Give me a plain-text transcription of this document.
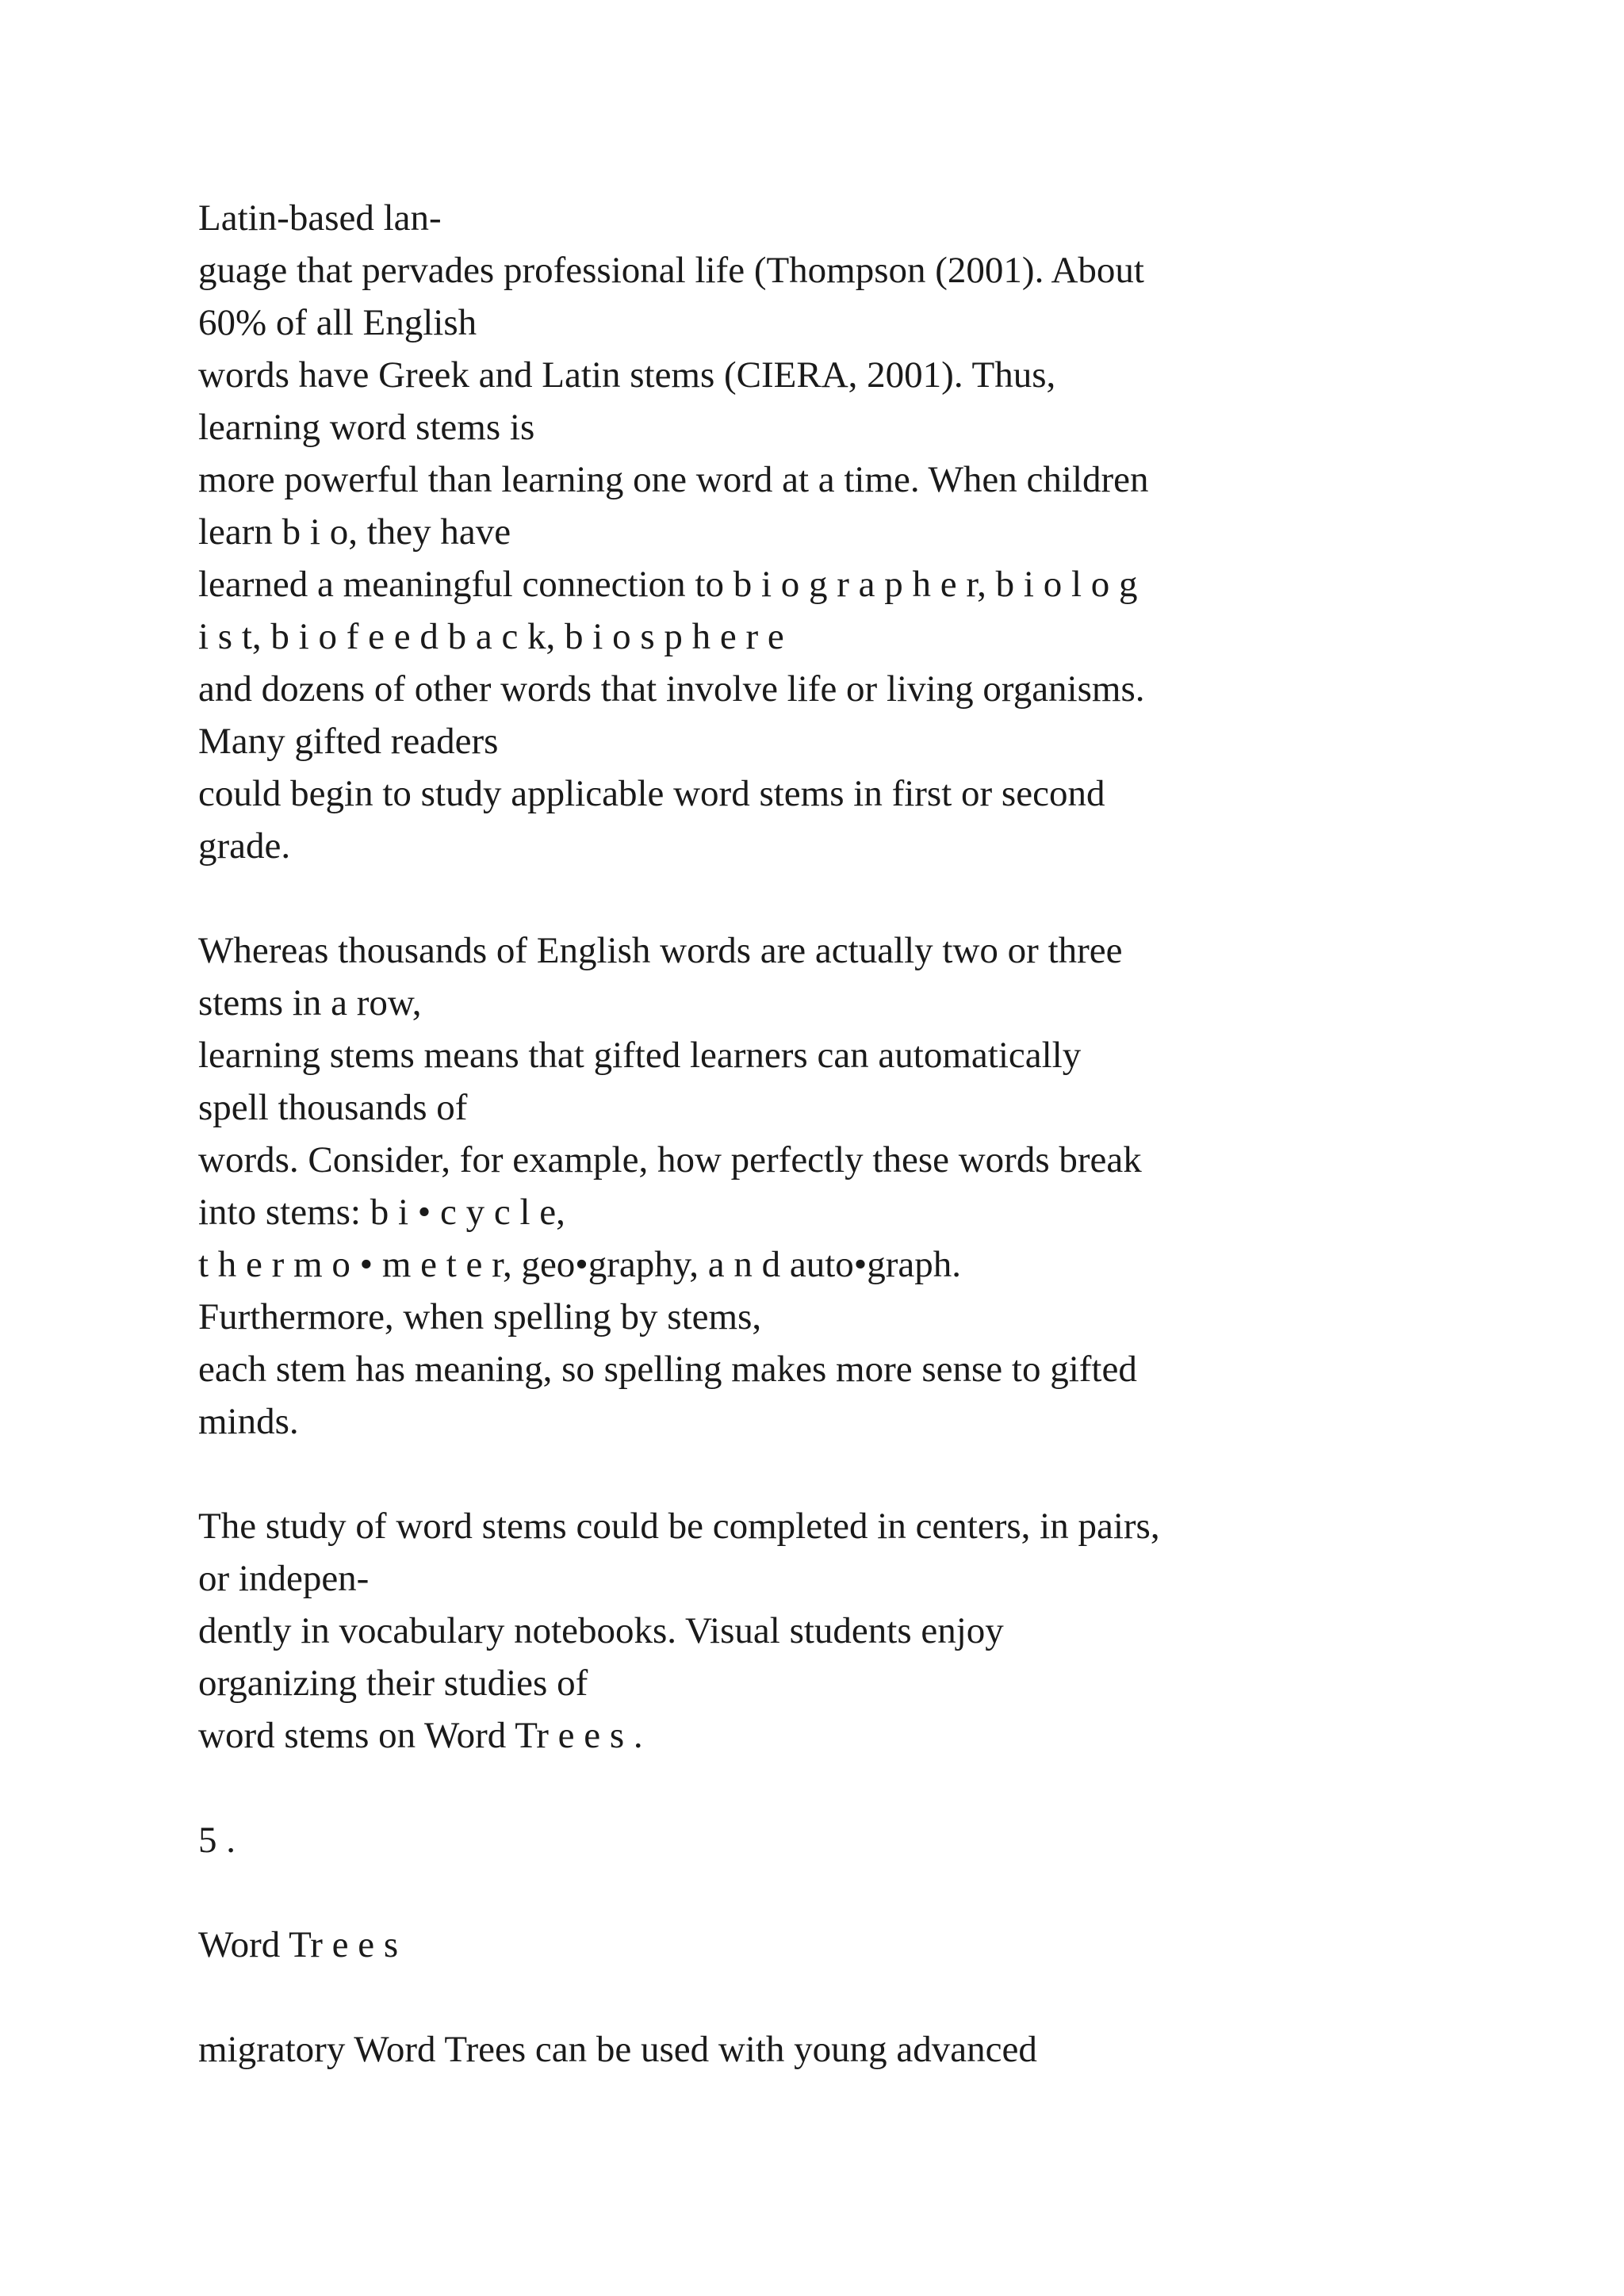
Latin-based lan-
guage that pervades professional life (Thompson (2001). About
60% of all English
words have Greek and Latin stems (CIERA, 2001). Thus,
learning word stems is
more powerful than learning one word at a time. When children
learn b i o, they have
learned a meaningful connection to b i o g r a p h e r, b i o l o g
i s t, b i o f e e d b a c k, b i o s p h e r e
and dozens of other words that involve life or living organisms.
Many gifted readers
could begin to study applicable word stems in first or second
grade.
Whereas thousands of English words are actually two or three
stems in a row,
learning stems means that gifted learners can automatically
spell thousands of
words. Consider, for example, how perfectly these words break
into stems: b i • c y c l e,
t h e r m o • m e t e r, geo•graphy, a n d auto•graph.
Furthermore, when spelling by stems,
each stem has meaning, so spelling makes more sense to gifted
minds.
The study of word stems could be completed in centers, in pairs,
or indepen-
dently in vocabulary notebooks. Visual students enjoy
organizing their studies of
word stems on Word Tr e e s .
5 .
Word Tr e e s
migratory Word Trees can be used with young advanced
